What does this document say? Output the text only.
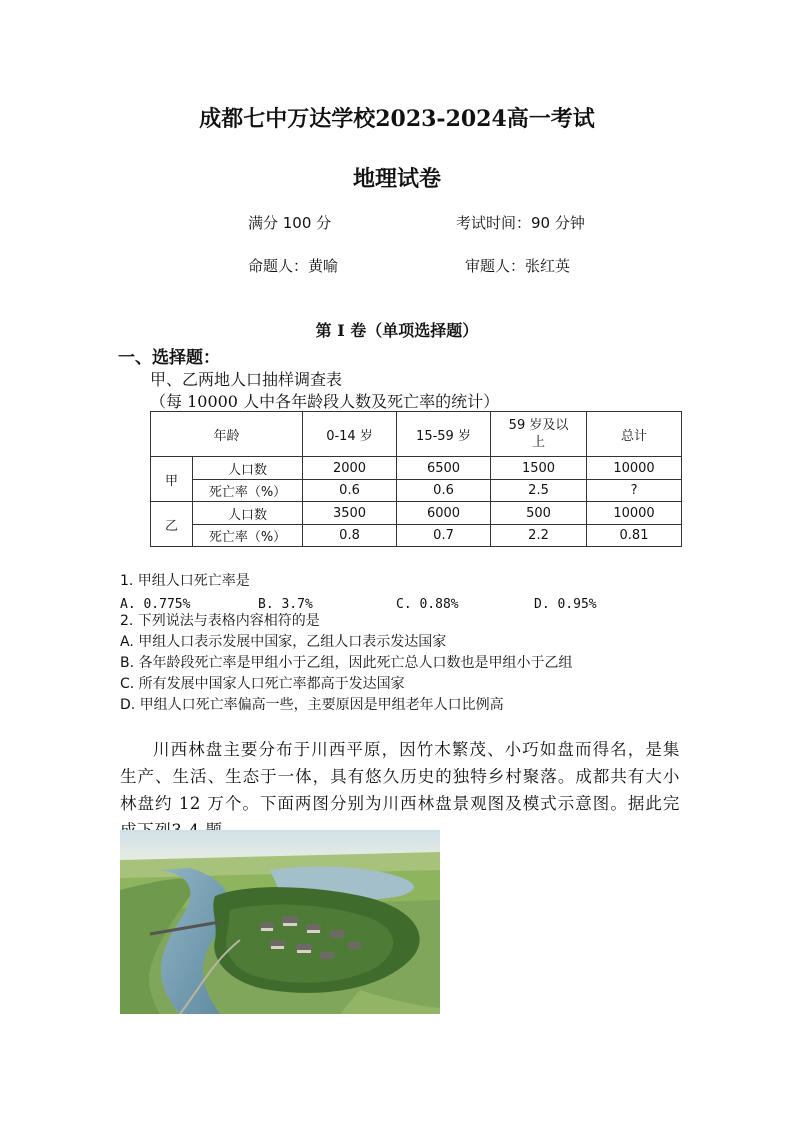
成都七中万达学校2023-2024高一考试
地理试卷
满分 100 分	考试时间：90 分钟
命题人：黄喻	审题人：张红英
第 I 卷（单项选择题）
一、选择题：
甲、乙两地人口抽样调查表
（每 10000 人中各年龄段人数及死亡率的统计）
年龄		0-14 岁	15-59 岁	59 岁及以上	总计
甲	人口数	2000	6500	1500	10000
	死亡率（%）	0.6	0.6	2.5	?
乙	人口数	3500	6000	500	10000
	死亡率（%）	0.8	0.7	2.2	0.81
1. 甲组人口死亡率是
A. 0.775%	B. 3.7%	C. 0.88%	D. 0.95%
2. 下列说法与表格内容相符的是
A. 甲组人口表示发展中国家，乙组人口表示发达国家
B. 各年龄段死亡率是甲组小于乙组，因此死亡总人口数也是甲组小于乙组
C. 所有发展中国家人口死亡率都高于发达国家
D. 甲组人口死亡率偏高一些，主要原因是甲组老年人口比例高
川西林盘主要分布于川西平原，因竹木繁茂、小巧如盘而得名，是集生产、生活、生态于一体，具有悠久历史的独特乡村聚落。成都共有大小林盘约 12 万个。下面两图分别为川西林盘景观图及模式示意图。据此完
